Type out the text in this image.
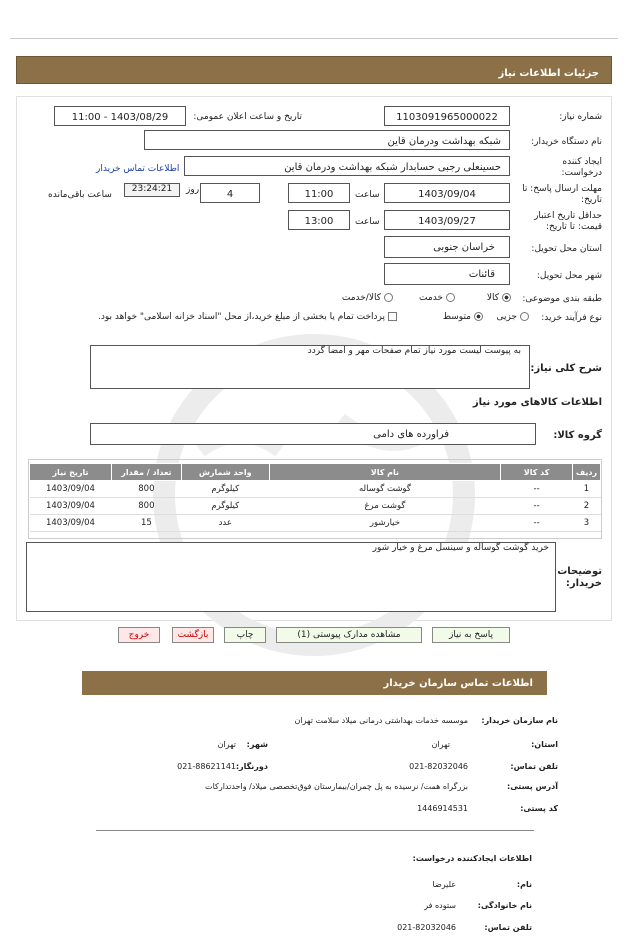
جزئیات اطلاعات نیاز
شماره نیاز:
1103091965000022
تاریخ و ساعت اعلان عمومی:
1403/08/29 - 11:00
نام دستگاه خریدار:
شبکه بهداشت ودرمان قاین
ایجاد کننده درخواست:
حسینعلی رجبی حسابدار شبکه بهداشت ودرمان قاین
اطلاعات تماس خریدار
مهلت ارسال پاسخ: تا تاریخ:
1403/09/04
ساعت
11:00
4
روز
23:24:21
ساعت باقی‌مانده
حداقل تاریخ اعتبار قیمت: تا تاریخ:
1403/09/27
ساعت
13:00
استان محل تحویل:
خراسان جنوبی
شهر محل تحویل:
قائنات
طبقه بندی موضوعی:
کالا
خدمت
کالا/خدمت
نوع فرآیند خرید:
جزیی
متوسط
پرداخت تمام یا بخشی از مبلغ خرید،از محل "اسناد خزانه اسلامی" خواهد بود.
شرح کلی نیاز:
به پیوست لیست مورد نیاز تمام صفحات مهر و امضا گردد
اطلاعات کالاهای مورد نیاز
گروه کالا:
فراورده های دامی
ردیف	کد کالا	نام کالا	واحد شمارش	تعداد / مقدار	تاریخ نیاز
1	--	گوشت گوساله	کیلوگرم	800	1403/09/04
2	--	گوشت مرغ	کیلوگرم	800	1403/09/04
3	--	خیارشور	عدد	15	1403/09/04
توضیحات خریدار:
خرید گوشت گوساله و سینسل مرغ و خیار شور
پاسخ به نیاز
مشاهده مدارک پیوستی (1)
چاپ
بازگشت
خروج
اطلاعات تماس سازمان خریدار
نام سازمان خریدار:
موسسه خدمات بهداشتی درمانی میلاد سلامت تهران
استان:
تهران
شهر:
تهران
تلفن تماس:
021-82032046
دورنگار:
021-88621141
آدرس پستی:
بزرگراه همت/ نرسیده به پل چمران/بیمارستان فوق‌تخصصی میلاد/ واحدتدارکات
کد پستی:
1446914531
اطلاعات ایجادکننده درخواست:
نام:
علیرضا
نام خانوادگی:
ستوده فر
تلفن تماس:
021-82032046
